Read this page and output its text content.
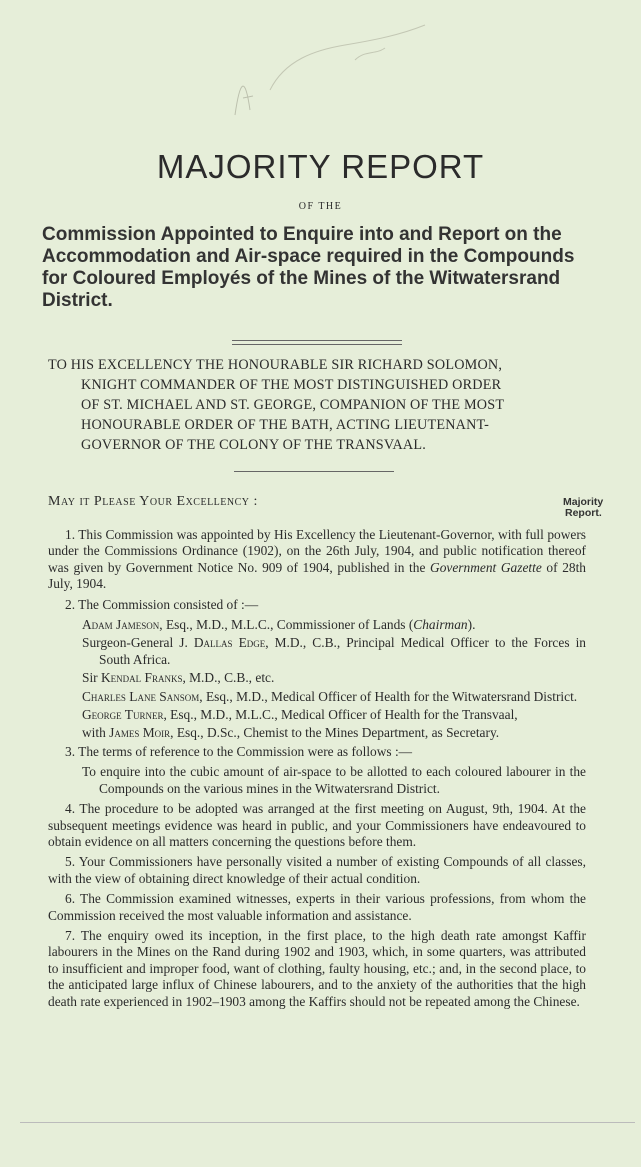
MAJORITY REPORT
OF THE
Commission Appointed to Enquire into and Report on the Accommodation and Air-space required in the Compounds for Coloured Employés of the Mines of the Witwatersrand District.

TO HIS EXCELLENCY THE HONOURABLE SIR RICHARD SOLOMON,

KNIGHT COMMANDER OF THE MOST DISTINGUISHED ORDER

OF ST. MICHAEL AND ST. GEORGE, COMPANION OF THE MOST

HONOURABLE ORDER OF THE BATH, ACTING LIEUTENANT-

GOVERNOR OF THE COLONY OF THE TRANSVAAL.

May it Please Your Excellency :	Majority
Report.

1. This Commission was appointed by His Excellency the Lieutenant-Governor, with full powers under the Commissions Ordinance (1902), on the 26th July, 1904, and public notification thereof was given by Government Notice No. 909 of 1904, published in the Government Gazette of 28th July, 1904.

2. The Commission consisted of :—

Adam Jameson, Esq., M.D., M.L.C., Commissioner of Lands (Chairman).

Surgeon-General J. Dallas Edge, M.D., C.B., Principal Medical Officer to the Forces in South Africa.

Sir Kendal Franks, M.D., C.B., etc.

Charles Lane Sansom, Esq., M.D., Medical Officer of Health for the Witwatersrand District.

George Turner, Esq., M.D., M.L.C., Medical Officer of Health for the Transvaal,

with James Moir, Esq., D.Sc., Chemist to the Mines Department, as Secretary.

3. The terms of reference to the Commission were as follows :—

To enquire into the cubic amount of air-space to be allotted to each coloured labourer in the Compounds on the various mines in the Witwatersrand District.

4. The procedure to be adopted was arranged at the first meeting on August, 9th, 1904. At the subsequent meetings evidence was heard in public, and your Commissioners have endeavoured to obtain evidence on all matters concerning the questions before them.

5. Your Commissioners have personally visited a number of existing Compounds of all classes, with the view of obtaining direct knowledge of their actual condition.

6. The Commission examined witnesses, experts in their various professions, from whom the Commission received the most valuable information and assistance.

7. The enquiry owed its inception, in the first place, to the high death rate amongst Kaffir labourers in the Mines on the Rand during 1902 and 1903, which, in some quarters, was attributed to insufficient and improper food, want of clothing, faulty housing, etc.; and, in the second place, to the anticipated large influx of Chinese labourers, and to the anxiety of the authorities that the high death rate experienced in 1902–1903 among the Kaffirs should not be repeated among the Chinese.
